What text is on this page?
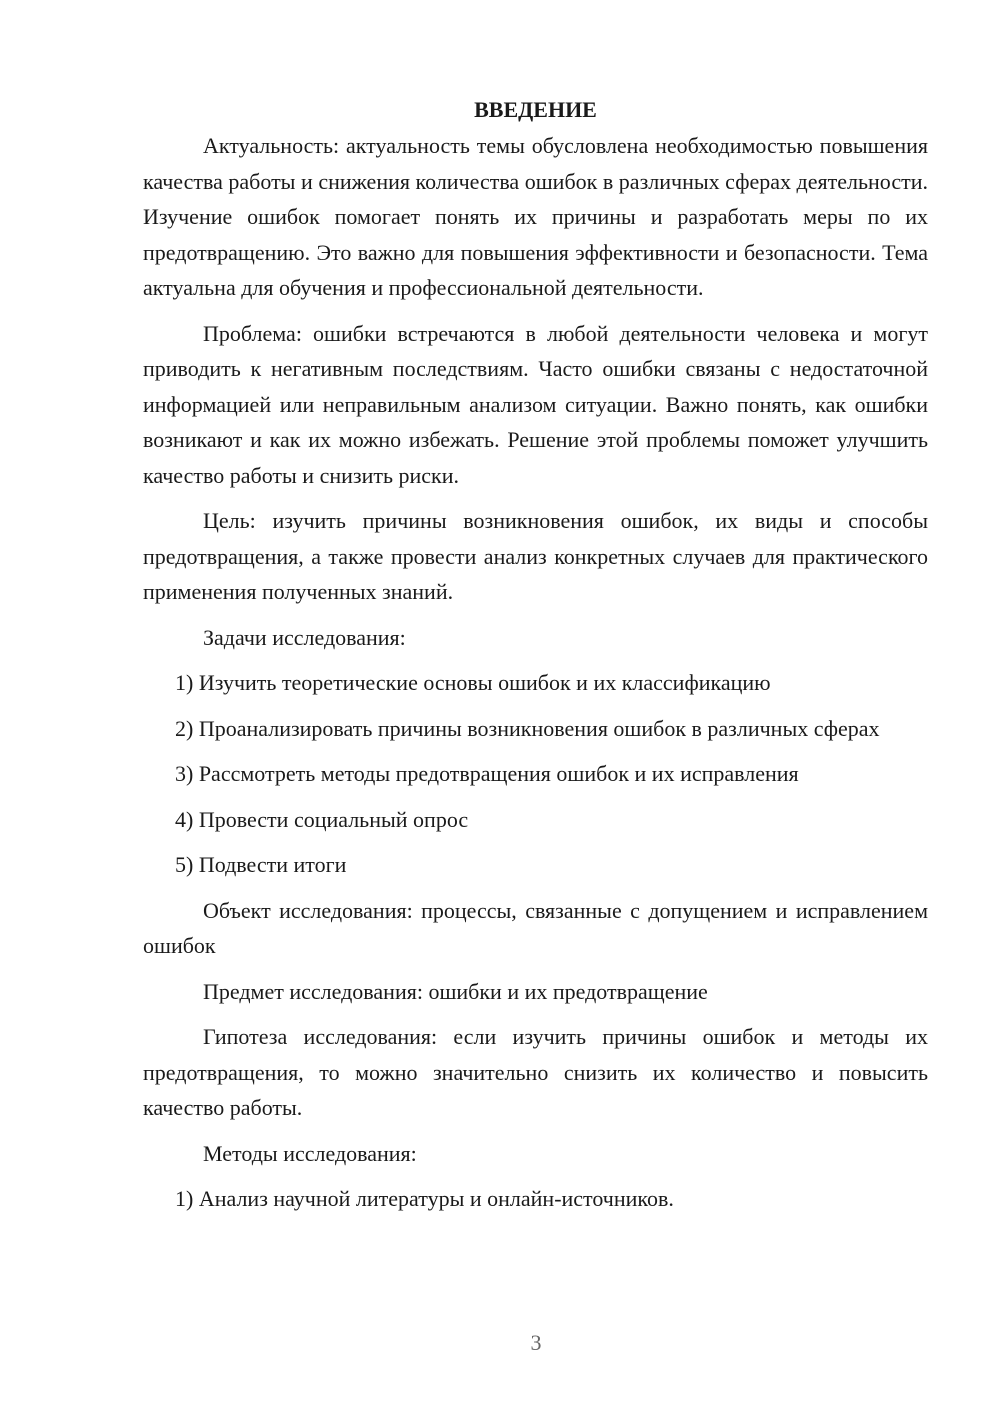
ВВЕДЕНИЕ

Актуальность: актуальность темы обусловлена необходимостью повышения качества работы и снижения количества ошибок в различных сферах деятельности. Изучение ошибок помогает понять их причины и разработать меры по их предотвращению. Это важно для повышения эффективности и безопасности. Тема актуальна для обучения и профессиональной деятельности.

Проблема: ошибки встречаются в любой деятельности человека и могут приводить к негативным последствиям. Часто ошибки связаны с недостаточной информацией или неправильным анализом ситуации. Важно понять, как ошибки возникают и как их можно избежать. Решение этой проблемы поможет улучшить качество работы и снизить риски.

Цель: изучить причины возникновения ошибок, их виды и способы предотвращения, а также провести анализ конкретных случаев для практического применения полученных знаний.

Задачи исследования:

1) Изучить теоретические основы ошибок и их классификацию

2) Проанализировать причины возникновения ошибок в различных сферах

3) Рассмотреть методы предотвращения ошибок и их исправления

4) Провести социальный опрос

5) Подвести итоги

Объект исследования: процессы, связанные с допущением и исправлением ошибок

Предмет исследования: ошибки и их предотвращение

Гипотеза исследования: если изучить причины ошибок и методы их предотвращения, то можно значительно снизить их количество и повысить качество работы.

Методы исследования:

1) Анализ научной литературы и онлайн-источников.

3
